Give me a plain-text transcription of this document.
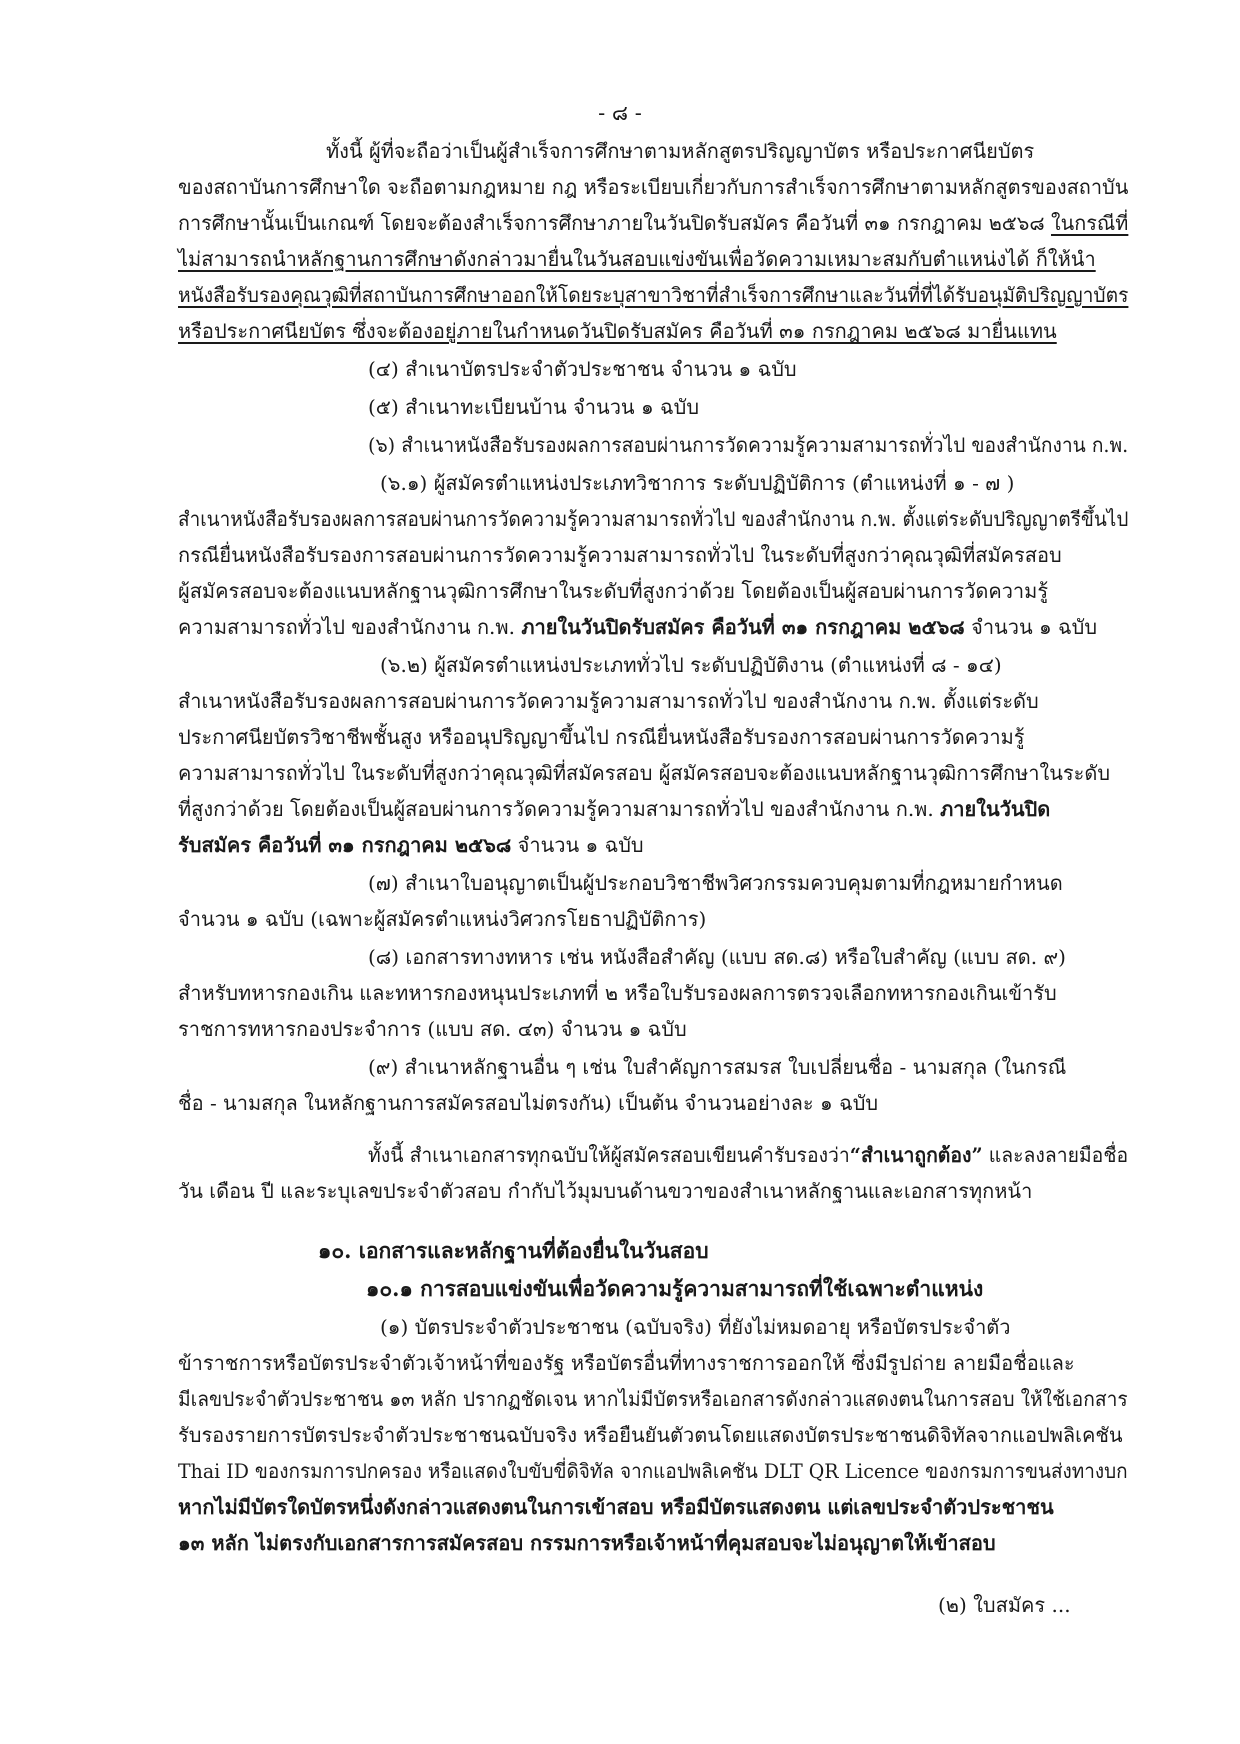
- ๘ -
ทั้งนี้ ผู้ที่จะถือว่าเป็นผู้สำเร็จการศึกษาตามหลักสูตรปริญญาบัตร หรือประกาศนียบัตร
ของสถาบันการศึกษาใด จะถือตามกฎหมาย กฎ หรือระเบียบเกี่ยวกับการสำเร็จการศึกษาตามหลักสูตรของสถาบัน
การศึกษานั้นเป็นเกณฑ์ โดยจะต้องสำเร็จการศึกษาภายในวันปิดรับสมัคร คือวันที่ ๓๑ กรกฎาคม ๒๕๖๘ ในกรณีที่
ไม่สามารถนำหลักฐานการศึกษาดังกล่าวมายื่นในวันสอบแข่งขันเพื่อวัดความเหมาะสมกับตำแหน่งได้ ก็ให้นำ
หนังสือรับรองคุณวุฒิที่สถาบันการศึกษาออกให้โดยระบุสาขาวิชาที่สำเร็จการศึกษาและวันที่ที่ได้รับอนุมัติปริญญาบัตร
หรือประกาศนียบัตร ซึ่งจะต้องอยู่ภายในกำหนดวันปิดรับสมัคร คือวันที่ ๓๑ กรกฎาคม ๒๕๖๘ มายื่นแทน
(๔) สำเนาบัตรประจำตัวประชาชน จำนวน ๑ ฉบับ
(๕) สำเนาทะเบียนบ้าน จำนวน ๑ ฉบับ
(๖) สำเนาหนังสือรับรองผลการสอบผ่านการวัดความรู้ความสามารถทั่วไป ของสำนักงาน ก.พ.
(๖.๑) ผู้สมัครตำแหน่งประเภทวิชาการ ระดับปฏิบัติการ (ตำแหน่งที่ ๑ - ๗ )
สำเนาหนังสือรับรองผลการสอบผ่านการวัดความรู้ความสามารถทั่วไป ของสำนักงาน ก.พ. ตั้งแต่ระดับปริญญาตรีขึ้นไป
กรณียื่นหนังสือรับรองการสอบผ่านการวัดความรู้ความสามารถทั่วไป ในระดับที่สูงกว่าคุณวุฒิที่สมัครสอบ
ผู้สมัครสอบจะต้องแนบหลักฐานวุฒิการศึกษาในระดับที่สูงกว่าด้วย โดยต้องเป็นผู้สอบผ่านการวัดความรู้
ความสามารถทั่วไป ของสำนักงาน ก.พ. ภายในวันปิดรับสมัคร คือวันที่ ๓๑ กรกฎาคม ๒๕๖๘ จำนวน ๑ ฉบับ
(๖.๒) ผู้สมัครตำแหน่งประเภททั่วไป ระดับปฏิบัติงาน (ตำแหน่งที่ ๘ - ๑๔)
สำเนาหนังสือรับรองผลการสอบผ่านการวัดความรู้ความสามารถทั่วไป ของสำนักงาน ก.พ. ตั้งแต่ระดับ
ประกาศนียบัตรวิชาชีพชั้นสูง หรืออนุปริญญาขึ้นไป กรณียื่นหนังสือรับรองการสอบผ่านการวัดความรู้
ความสามารถทั่วไป ในระดับที่สูงกว่าคุณวุฒิที่สมัครสอบ ผู้สมัครสอบจะต้องแนบหลักฐานวุฒิการศึกษาในระดับ
ที่สูงกว่าด้วย โดยต้องเป็นผู้สอบผ่านการวัดความรู้ความสามารถทั่วไป ของสำนักงาน ก.พ. ภายในวันปิด
รับสมัคร คือวันที่ ๓๑ กรกฎาคม ๒๕๖๘ จำนวน ๑ ฉบับ
(๗) สำเนาใบอนุญาตเป็นผู้ประกอบวิชาชีพวิศวกรรมควบคุมตามที่กฎหมายกำหนด
จำนวน ๑ ฉบับ (เฉพาะผู้สมัครตำแหน่งวิศวกรโยธาปฏิบัติการ)
(๘) เอกสารทางทหาร เช่น หนังสือสำคัญ (แบบ สด.๘) หรือใบสำคัญ (แบบ สด. ๙)
สำหรับทหารกองเกิน และทหารกองหนุนประเภทที่ ๒ หรือใบรับรองผลการตรวจเลือกทหารกองเกินเข้ารับ
ราชการทหารกองประจำการ (แบบ สด. ๔๓) จำนวน ๑ ฉบับ
(๙) สำเนาหลักฐานอื่น ๆ เช่น ใบสำคัญการสมรส ใบเปลี่ยนชื่อ - นามสกุล (ในกรณี
ชื่อ - นามสกุล ในหลักฐานการสมัครสอบไม่ตรงกัน) เป็นต้น จำนวนอย่างละ ๑ ฉบับ
ทั้งนี้ สำเนาเอกสารทุกฉบับให้ผู้สมัครสอบเขียนคำรับรองว่า“สำเนาถูกต้อง” และลงลายมือชื่อ
วัน เดือน ปี และระบุเลขประจำตัวสอบ กำกับไว้มุมบนด้านขวาของสำเนาหลักฐานและเอกสารทุกหน้า
๑๐. เอกสารและหลักฐานที่ต้องยื่นในวันสอบ
๑๐.๑ การสอบแข่งขันเพื่อวัดความรู้ความสามารถที่ใช้เฉพาะตำแหน่ง
(๑) บัตรประจำตัวประชาชน (ฉบับจริง) ที่ยังไม่หมดอายุ หรือบัตรประจำตัว
ข้าราชการหรือบัตรประจำตัวเจ้าหน้าที่ของรัฐ หรือบัตรอื่นที่ทางราชการออกให้ ซึ่งมีรูปถ่าย ลายมือชื่อและ
มีเลขประจำตัวประชาชน ๑๓ หลัก ปรากฏชัดเจน หากไม่มีบัตรหรือเอกสารดังกล่าวแสดงตนในการสอบ ให้ใช้เอกสาร
รับรองรายการบัตรประจำตัวประชาชนฉบับจริง หรือยืนยันตัวตนโดยแสดงบัตรประชาชนดิจิทัลจากแอปพลิเคชัน
Thai ID ของกรมการปกครอง หรือแสดงใบขับขี่ดิจิทัล จากแอปพลิเคชัน DLT QR Licence ของกรมการขนส่งทางบก
หากไม่มีบัตรใดบัตรหนึ่งดังกล่าวแสดงตนในการเข้าสอบ หรือมีบัตรแสดงตน แต่เลขประจำตัวประชาชน
๑๓ หลัก ไม่ตรงกับเอกสารการสมัครสอบ กรรมการหรือเจ้าหน้าที่คุมสอบจะไม่อนุญาตให้เข้าสอบ
(๒) ใบสมัคร ...
